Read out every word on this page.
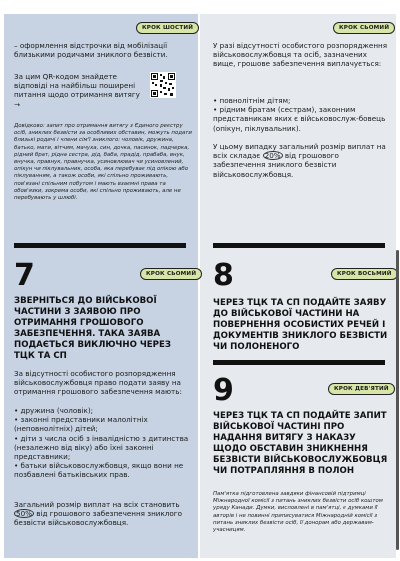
КРОК ШОСТИЙ
– оформлення відстрочки від мобілізації близькими родичами зниклого безвісти.
За цим QR-кодом знайдете відповіді на найбільш поширені питання щодо отримання витягу →
Довідково: запит про отримання витягу з Єдиного реєстру осіб, зниклих безвісти за особливих обставин, можуть подати близькі родичі і члени сім'ї зниклого: чоловік, дружина, батько, мати, вітчим, мачуха, син, дочка, пасинок, падчерка, рідний брат, рідна сестра, дід, баба, прадід, прабаба, внук, внучка, правнук, правнучка, усиновлювач чи усиновлений, опікун чи піклувальник, особа, яка перебуває під опікою або піклуванням, а також особи, які спільно проживають, пов'язані спільним побутом і мають взаємні права та обов'язки, зокрема особи, які спільно проживають, але не перебувають у шлюбі.
КРОК СЬОМИЙ
У разі відсутності особистого розпорядження військовослужбовця та осіб, зазначених вище, грошове забезпечення виплачується:
• повнолітнім дітям;
• рідним братам (сестрам), законним представникам яких є військовослуж-бовець (опікун, піклувальник).
У цьому випадку загальний розмір виплат на всіх складає 20% від грошового забезпечення зниклого безвісти військовослужбовця.
7	КРОК СЬОМИЙ
ЗВЕРНІТЬСЯ ДО ВІЙСЬКОВОЇ ЧАСТИНИ З ЗАЯВОЮ ПРО ОТРИМАННЯ ГРОШОВОГО ЗАБЕЗПЕЧЕННЯ. ТАКА ЗАЯВА ПОДАЄТЬСЯ ВИКЛЮЧНО ЧЕРЕЗ ТЦК ТА СП
За відсутності особистого розпорядження військовослужбовця право подати заяву на отримання грошового забезпечення мають:
• дружина (чоловік);
• законні представники малолітніх (неповнолітніх) дітей;
• діти з числа осіб з інвалідністю з дитинства (незалежно від віку) або їхні законні представники;
• батьки військовослужбовця, якщо вони не позбавлені батьківських прав.
Загальний розмір виплат на всіх становить 50% від грошового забезпечення зниклого безвісти військовослужбовця.
8	КРОК ВОСЬМИЙ
ЧЕРЕЗ ТЦК ТА СП ПОДАЙТЕ ЗАЯВУ ДО ВІЙСЬКОВОЇ ЧАСТИНИ НА ПОВЕРНЕННЯ ОСОБИСТИХ РЕЧЕЙ І ДОКУМЕНТІВ ЗНИКЛОГО БЕЗВІСТИ ЧИ ПОЛОНЕНОГО
9	КРОК ДЕВ'ЯТИЙ
ЧЕРЕЗ ТЦК ТА СП ПОДАЙТЕ ЗАПИТ ВІЙСЬКОВОЇ ЧАСТИНІ ПРО НАДАННЯ ВИТЯГУ З НАКАЗУ ЩОДО ОБСТАВИН ЗНИКНЕННЯ БЕЗВІСТИ ВІЙСЬКОВОСЛУЖБОВЦЯ ЧИ ПОТРАПЛЯННЯ В ПОЛОН
Пам'ятка підготовлена завдяки фінансовій підтримці Міжнародної комісії з питань зниклих безвісти осіб коштом уряду Канади. Думки, висловлені в пам'ятці, є думками її авторів і не повинні приписуватися Міжнародній комісії з питань зниклих безвісти осіб, її донорам або державам-учасницям.
